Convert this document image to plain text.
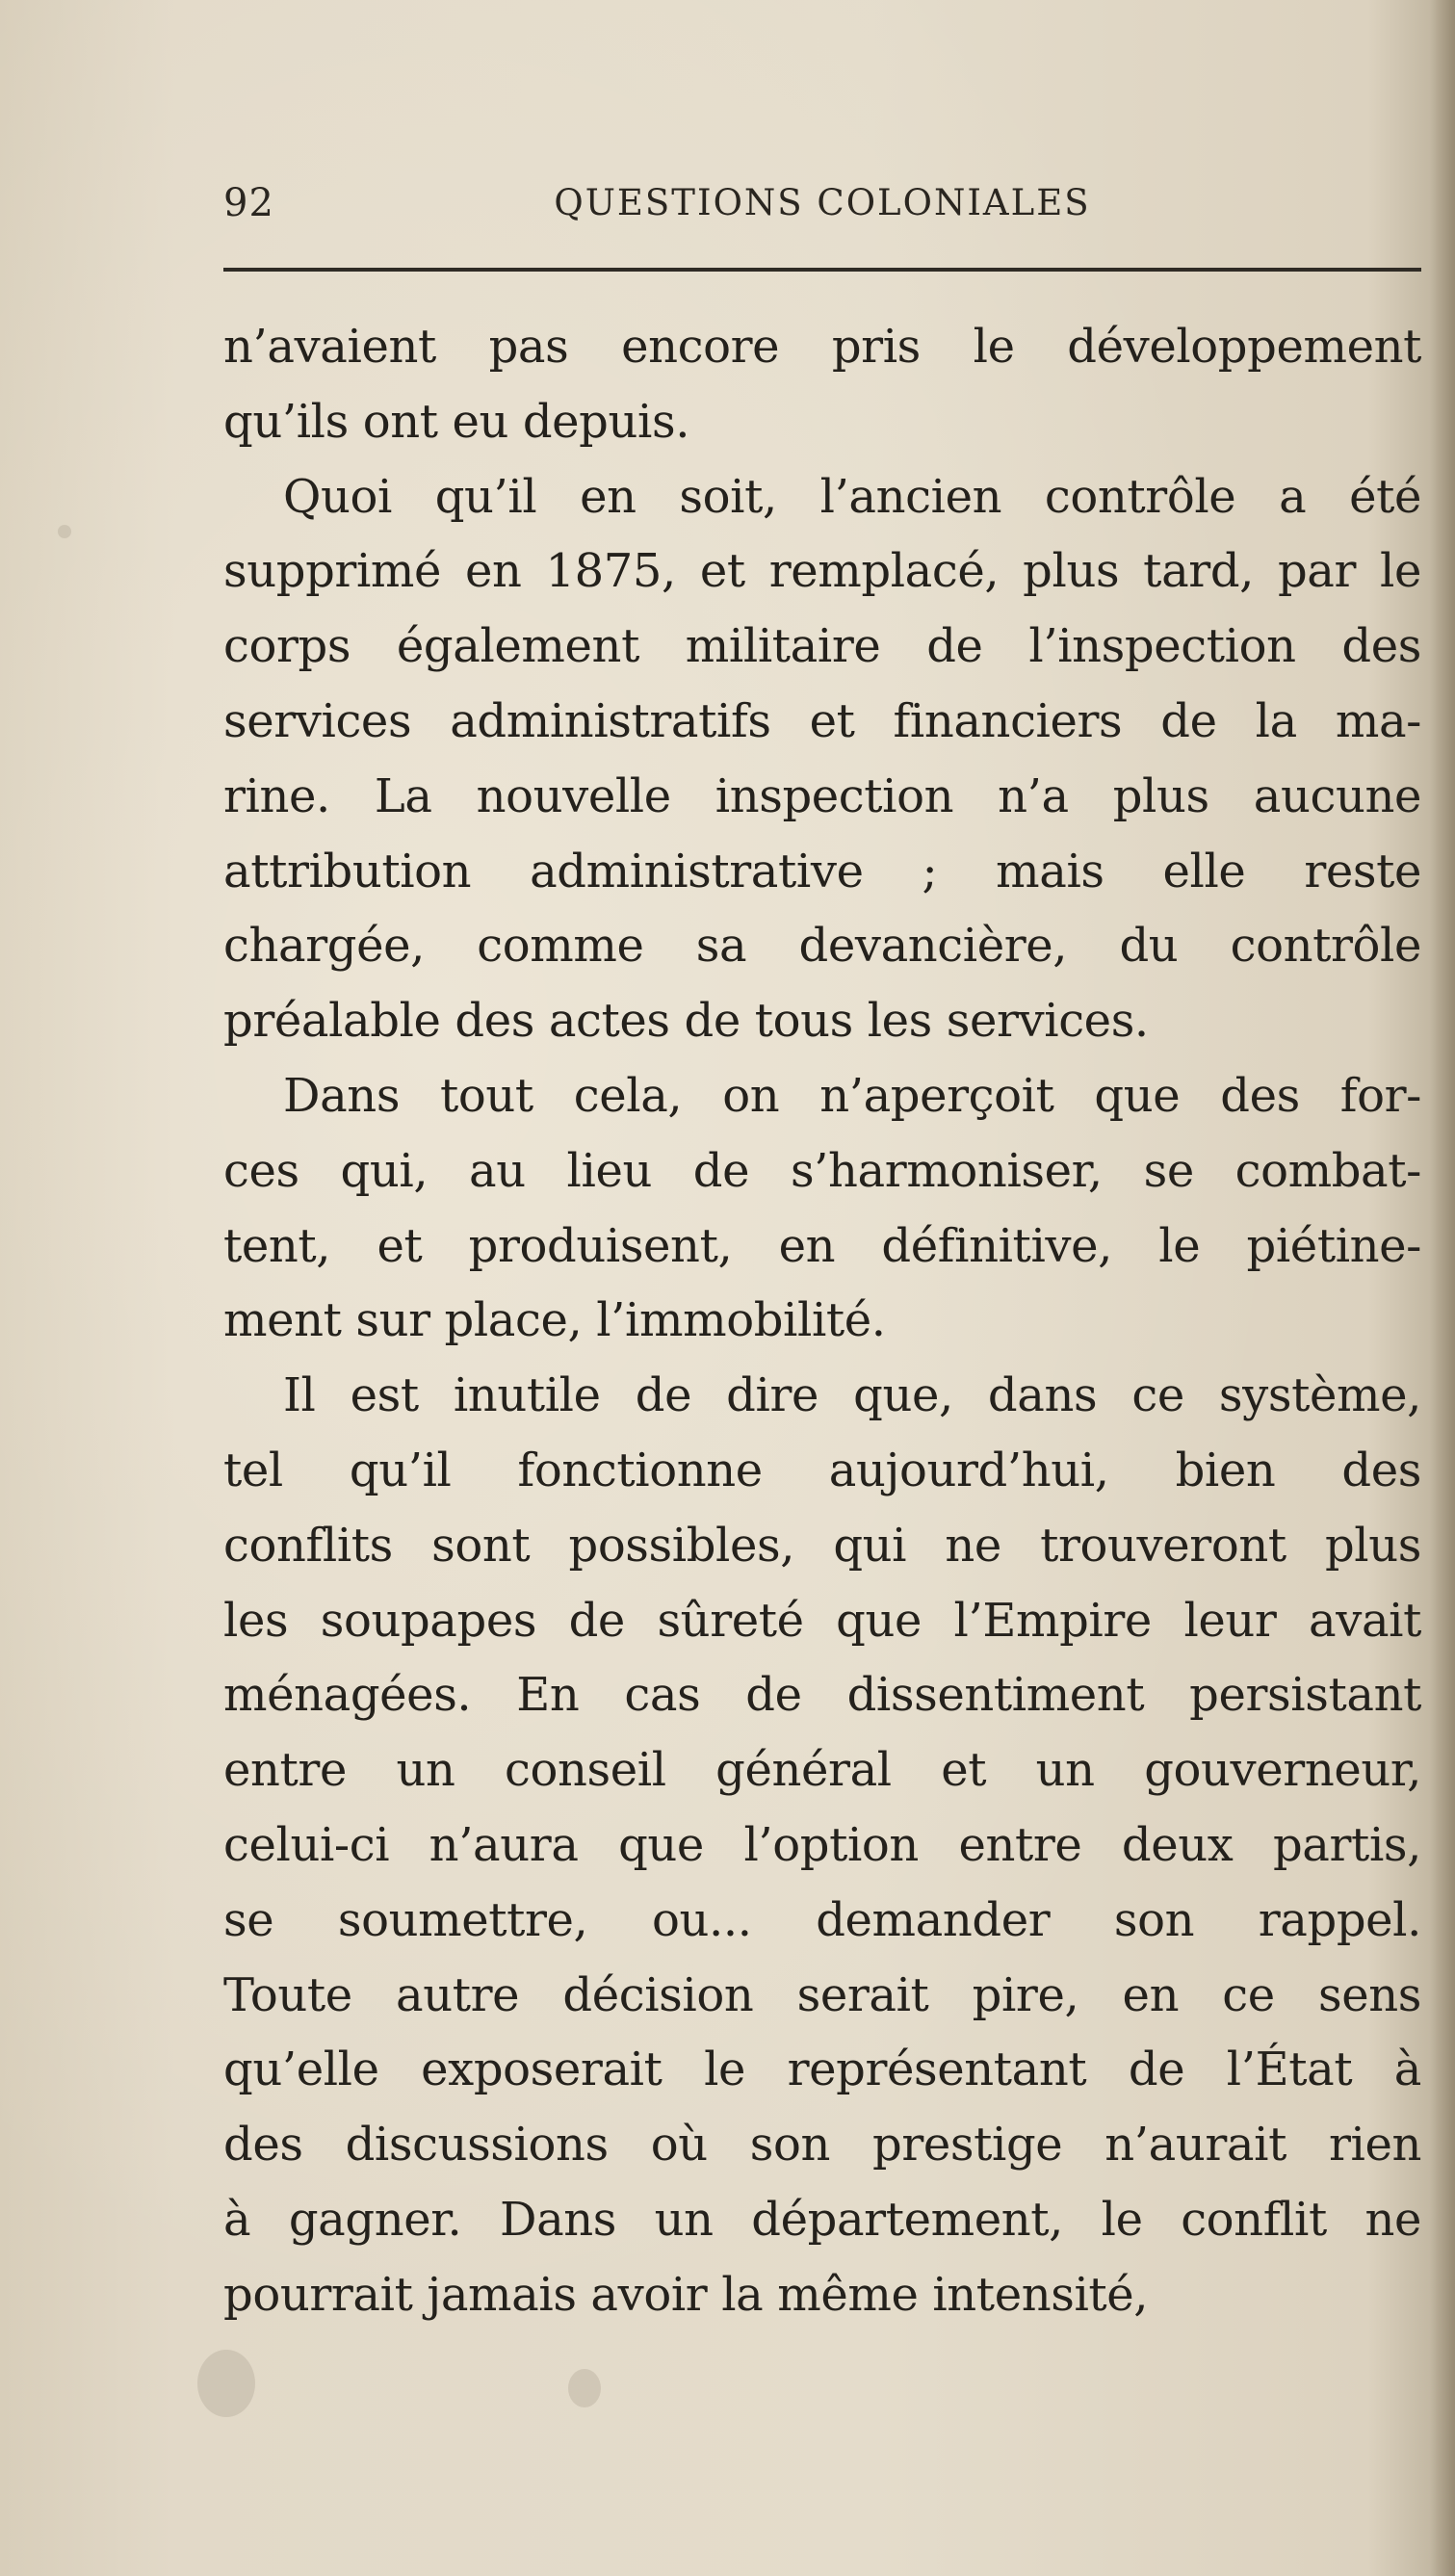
92	QUESTIONS COLONIALES
n’avaient pas encore pris le développement
qu’ils ont eu depuis.
Quoi qu’il en soit, l’ancien contrôle a été
supprimé en 1875, et remplacé, plus tard, par le
corps également militaire de l’inspection des
services administratifs et financiers de la ma-
rine. La nouvelle inspection n’a plus aucune
attribution administrative ; mais elle reste
chargée, comme sa devancière, du contrôle
préalable des actes de tous les services.
Dans tout cela, on n’aperçoit que des for-
ces qui, au lieu de s’harmoniser, se combat-
tent, et produisent, en définitive, le piétine-
ment sur place, l’immobilité.
Il est inutile de dire que, dans ce système,
tel qu’il fonctionne aujourd’hui, bien des
conflits sont possibles, qui ne trouveront plus
les soupapes de sûreté que l’Empire leur avait
ménagées. En cas de dissentiment persistant
entre un conseil général et un gouverneur,
celui-ci n’aura que l’option entre deux partis,
se soumettre, ou... demander son rappel.
Toute autre décision serait pire, en ce sens
qu’elle exposerait le représentant de l’État à
des discussions où son prestige n’aurait rien
à gagner. Dans un département, le conflit ne
pourrait jamais avoir la même intensité,
